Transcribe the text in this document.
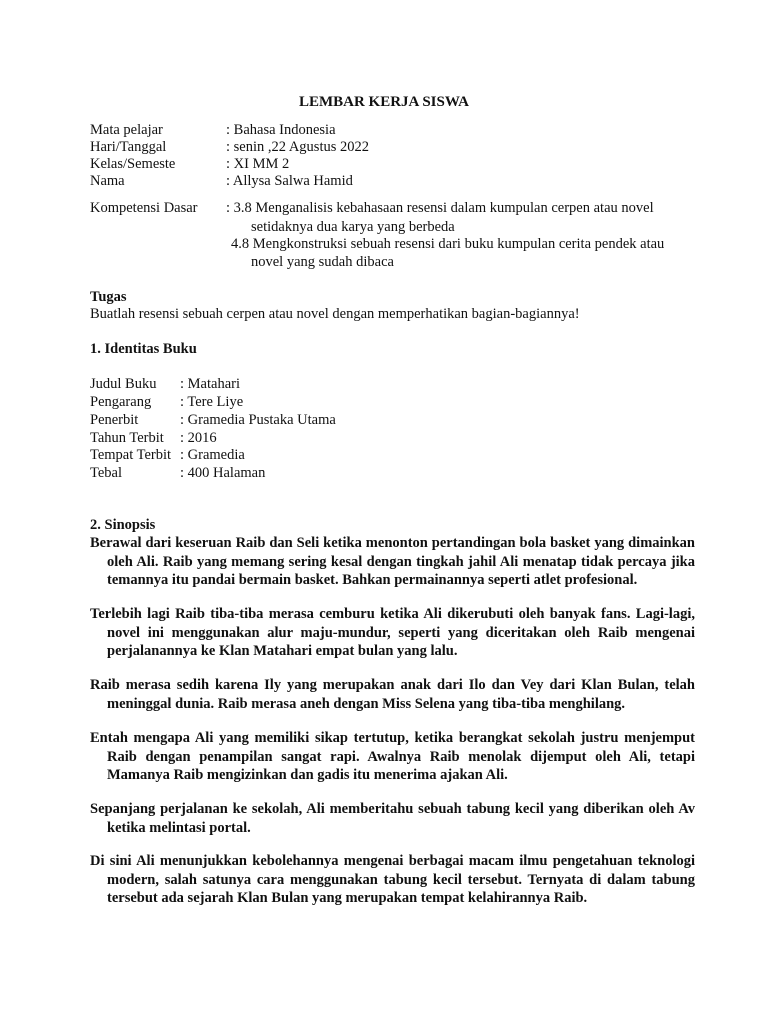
LEMBAR KERJA SISWA
Mata pelajar	: Bahasa Indonesia
Hari/Tanggal	: senin ,22 Agustus 2022
Kelas/Semeste	: XI MM 2
Nama	: Allysa Salwa Hamid
Kompetensi Dasar : 3.8 Menganalisis kebahasaan resensi dalam kumpulan cerpen atau novel
setidaknya dua karya yang berbeda
4.8 Mengkonstruksi sebuah resensi dari buku kumpulan cerita pendek atau
novel yang sudah dibaca
Tugas
Buatlah resensi sebuah cerpen atau novel dengan memperhatikan bagian-bagiannya!
1. Identitas Buku
Judul Buku	: Matahari
Pengarang	: Tere Liye
Penerbit	: Gramedia Pustaka Utama
Tahun Terbit	: 2016
Tempat Terbit : Gramedia
Tebal	: 400 Halaman
2. Sinopsis
Berawal dari keseruan Raib dan Seli ketika menonton pertandingan bola basket yang dimainkan oleh Ali. Raib yang memang sering kesal dengan tingkah jahil Ali menatap tidak percaya jika temannya itu pandai bermain basket. Bahkan permainannya seperti atlet profesional.
Terlebih lagi Raib tiba-tiba merasa cemburu ketika Ali dikerubuti oleh banyak fans. Lagi-lagi, novel ini menggunakan alur maju-mundur, seperti yang diceritakan oleh Raib mengenai perjalanannya ke Klan Matahari empat bulan yang lalu.
Raib merasa sedih karena Ily yang merupakan anak dari Ilo dan Vey dari Klan Bulan, telah meninggal dunia. Raib merasa aneh dengan Miss Selena yang tiba-tiba menghilang.
Entah mengapa Ali yang memiliki sikap tertutup, ketika berangkat sekolah justru menjemput Raib dengan penampilan sangat rapi. Awalnya Raib menolak dijemput oleh Ali, tetapi Mamanya Raib mengizinkan dan gadis itu menerima ajakan Ali.
Sepanjang perjalanan ke sekolah, Ali memberitahu sebuah tabung kecil yang diberikan oleh Av ketika melintasi portal.
Di sini Ali menunjukkan kebolehannya mengenai berbagai macam ilmu pengetahuan teknologi modern, salah satunya cara menggunakan tabung kecil tersebut. Ternyata di dalam tabung tersebut ada sejarah Klan Bulan yang merupakan tempat kelahirannya Raib.
